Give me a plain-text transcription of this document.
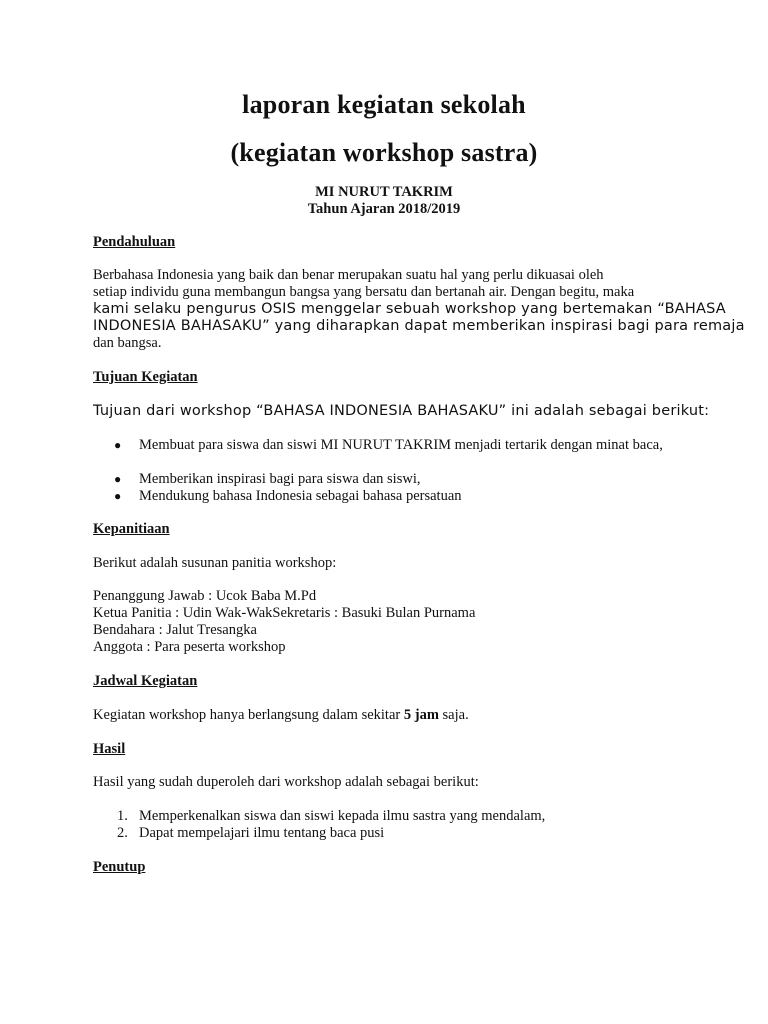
laporan kegiatan sekolah
(kegiatan workshop sastra)
MI NURUT TAKRIM
Tahun Ajaran 2018/2019
Pendahuluan
Berbahasa Indonesia yang baik dan benar merupakan suatu hal yang perlu dikuasai oleh
setiap individu guna membangun bangsa yang bersatu dan bertanah air. Dengan begitu, maka
kami selaku pengurus OSIS menggelar sebuah workshop yang bertemakan “BAHASA
INDONESIA BAHASAKU” yang diharapkan dapat memberikan inspirasi bagi para remaja
dan bangsa.
Tujuan Kegiatan
Tujuan dari workshop “BAHASA INDONESIA BAHASAKU” ini adalah sebagai berikut:
● Membuat para siswa dan siswi MI NURUT TAKRIM menjadi tertarik dengan minat baca,
● Memberikan inspirasi bagi para siswa dan siswi,
● Mendukung bahasa Indonesia sebagai bahasa persatuan
Kepanitiaan
Berikut adalah susunan panitia workshop:
Penanggung Jawab : Ucok Baba M.Pd
Ketua Panitia : Udin Wak-WakSekretaris : Basuki Bulan Purnama
Bendahara : Jalut Tresangka
Anggota : Para peserta workshop
Jadwal Kegiatan
Kegiatan workshop hanya berlangsung dalam sekitar 5 jam saja.
Hasil
Hasil yang sudah duperoleh dari workshop adalah sebagai berikut:
1. Memperkenalkan siswa dan siswi kepada ilmu sastra yang mendalam,
2. Dapat mempelajari ilmu tentang baca pusi
Penutup
